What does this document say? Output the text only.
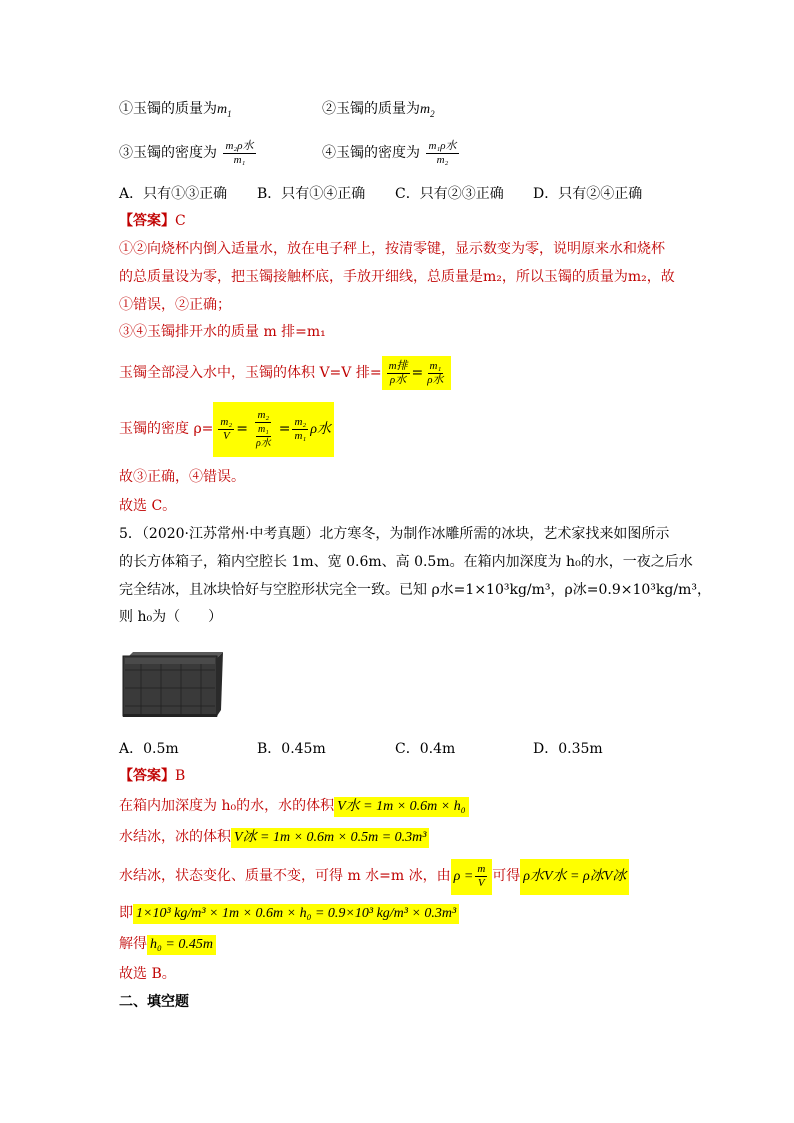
①玉镯的质量为$m_1$	②玉镯的质量为$m_2$
③玉镯的密度为 $\frac{\text{m₂ρ水}}{\text{m₁}}$	④玉镯的密度为 $\frac{\text{m₁ρ水}}{\text{m₂}}$
A．只有①③正确 B．只有①④正确 C．只有②③正确 D．只有②④正确
【答案】C
①②向烧杯内倒入适量水，放在电子秤上，按清零键，显示数变为零，说明原来水和烧杯
的总质量设为零，把玉镯接触杯底，手放开细线，总质量是m₂，所以玉镯的质量为m₂，故
①错误，②正确；
③④玉镯排开水的质量 m 排=m₁
玉镯全部浸入水中，玉镯的体积 V=V 排= $\frac{\text{m排}}{\text{ρ水}} = \frac{\text{m₁}}{\text{ρ水}}$
玉镯的密度 $\rho= \frac{\text{m₂}}{V} = \frac{\text{m₂}}{\frac{\text{m₁}}{\text{ρ水}}} = \frac{\text{m₂}}{\text{m₁}}$ ρ水
故③正确，④错误。
故选 C。
5．（2020·江苏常州·中考真题）北方寒冬，为制作冰雕所需的冰块，艺术家找来如图所示
的长方体箱子，箱内空腔长 1m、宽 0.6m、高 0.5m。在箱内加深度为 h₀的水，一夜之后水
完全结冰，且冰块恰好与空腔形状完全一致。已知 ρ水=1×10³kg/m³，ρ冰=0.9×10³kg/m³，
则 h₀为（　　）
A．0.5m	B．0.45m	C．0.4m	D．0.35m
【答案】B
在箱内加深度为 h₀的水，水的体积 V水 = 1m × 0.6m × h₀
水结冰，冰的体积 V冰 = 1m × 0.6m × 0.5m = 0.3m³
水结冰，状态变化、质量不变，可得 m 水=m 冰，由 $\rho = \frac{m}{V}$ 可得 ρ水V水 = ρ冰V冰
即 1×10³ kg/m³ × 1m × 0.6m × h₀ = 0.9×10³ kg/m³ × 0.3m³
解得 h₀ = 0.45m
故选 B。
二、填空题
